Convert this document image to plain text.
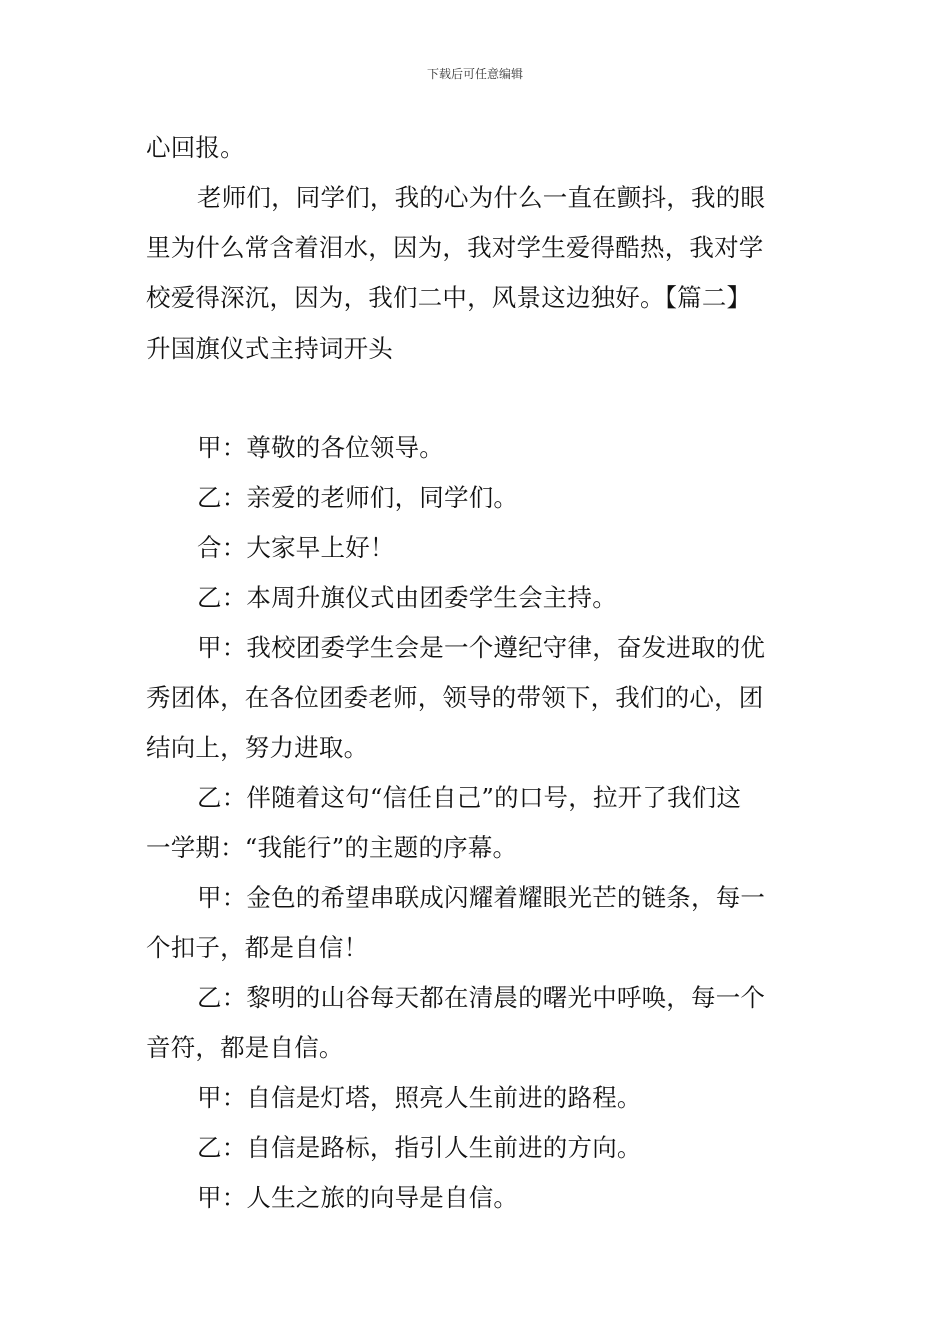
下载后可任意编辑
心回报。
老师们，同学们，我的心为什么一直在颤抖，我的眼
里为什么常含着泪水，因为，我对学生爱得酷热，我对学
校爱得深沉，因为，我们二中，风景这边独好。【篇二】
升国旗仪式主持词开头
甲：尊敬的各位领导。
乙：亲爱的老师们，同学们。
合：大家早上好！
乙：本周升旗仪式由团委学生会主持。
甲：我校团委学生会是一个遵纪守律，奋发进取的优
秀团体，在各位团委老师，领导的带领下，我们的心，团
结向上，努力进取。
乙：伴随着这句“信任自己”的口号，拉开了我们这
一学期：“我能行”的主题的序幕。
甲：金色的希望串联成闪耀着耀眼光芒的链条，每一
个扣子，都是自信！
乙：黎明的山谷每天都在清晨的曙光中呼唤，每一个
音符，都是自信。
甲：自信是灯塔，照亮人生前进的路程。
乙：自信是路标，指引人生前进的方向。
甲：人生之旅的向导是自信。
